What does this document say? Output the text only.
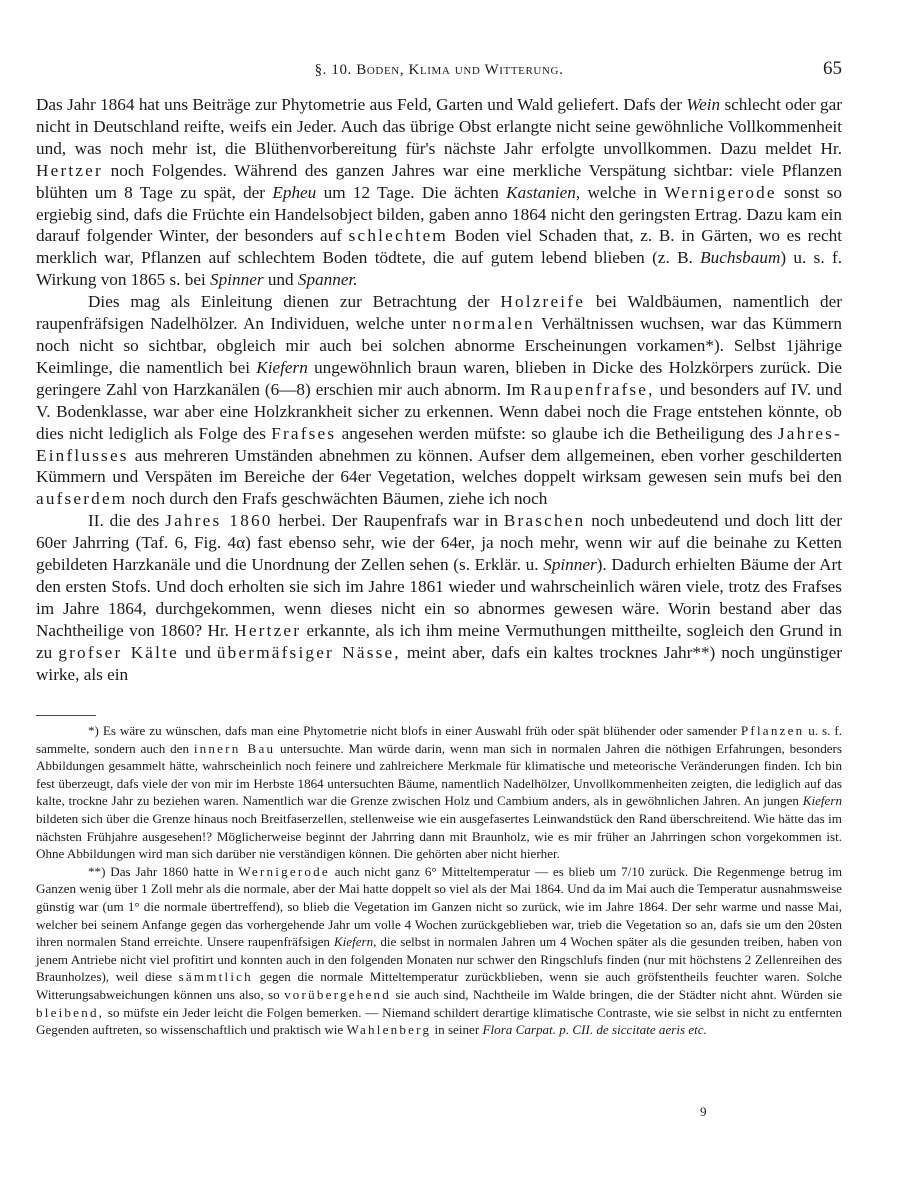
§. 10. Boden, Klima und Witterung.	65

Das Jahr 1864 hat uns Beiträge zur Phytometrie aus Feld, Garten und Wald geliefert. Dafs der Wein schlecht oder gar nicht in Deutschland reifte, weifs ein Jeder. Auch das übrige Obst erlangte nicht seine gewöhnliche Vollkommenheit und, was noch mehr ist, die Blüthenvorbereitung für's nächste Jahr erfolgte unvollkommen. Dazu meldet Hr. Hertzer noch Folgendes. Während des ganzen Jahres war eine merkliche Verspätung sichtbar: viele Pflanzen blühten um 8 Tage zu spät, der Epheu um 12 Tage. Die ächten Kastanien, welche in Wernigerode sonst so ergiebig sind, dafs die Früchte ein Handelsobject bilden, gaben anno 1864 nicht den geringsten Ertrag. Dazu kam ein darauf folgender Winter, der besonders auf schlechtem Boden viel Schaden that, z. B. in Gärten, wo es recht merklich war, Pflanzen auf schlechtem Boden tödtete, die auf gutem lebend blieben (z. B. Buchsbaum) u. s. f. Wirkung von 1865 s. bei Spinner und Spanner.

Dies mag als Einleitung dienen zur Betrachtung der Holzreife bei Waldbäumen, namentlich der raupenfräfsigen Nadelhölzer. An Individuen, welche unter normalen Verhältnissen wuchsen, war das Kümmern noch nicht so sichtbar, obgleich mir auch bei solchen abnorme Erscheinungen vorkamen*). Selbst 1jährige Keimlinge, die namentlich bei Kiefern ungewöhnlich braun waren, blieben in Dicke des Holzkörpers zurück. Die geringere Zahl von Harzkanälen (6—8) erschien mir auch abnorm. Im Raupenfrafse, und besonders auf IV. und V. Bodenklasse, war aber eine Holzkrankheit sicher zu erkennen. Wenn dabei noch die Frage entstehen könnte, ob dies nicht lediglich als Folge des Frafses angesehen werden müfste: so glaube ich die Betheiligung des Jahres-Einflusses aus mehreren Umständen abnehmen zu können. Aufser dem allgemeinen, eben vorher geschilderten Kümmern und Verspäten im Bereiche der 64er Vegetation, welches doppelt wirksam gewesen sein mufs bei den aufserdem noch durch den Frafs geschwächten Bäumen, ziehe ich noch

II. die des Jahres 1860 herbei. Der Raupenfrafs war in Braschen noch unbedeutend und doch litt der 60er Jahrring (Taf. 6, Fig. 4α) fast ebenso sehr, wie der 64er, ja noch mehr, wenn wir auf die beinahe zu Ketten gebildeten Harzkanäle und die Unordnung der Zellen sehen (s. Erklär. u. Spinner). Dadurch erhielten Bäume der Art den ersten Stofs. Und doch erholten sie sich im Jahre 1861 wieder und wahrscheinlich wären viele, trotz des Frafses im Jahre 1864, durchgekommen, wenn dieses nicht ein so abnormes gewesen wäre. Worin bestand aber das Nachtheilige von 1860? Hr. Hertzer erkannte, als ich ihm meine Vermuthungen mittheilte, sogleich den Grund in zu grofser Kälte und übermäfsiger Nässe, meint aber, dafs ein kaltes trocknes Jahr**) noch ungünstiger wirke, als ein

*) Es wäre zu wünschen, dafs man eine Phytometrie nicht blofs in einer Auswahl früh oder spät blühender oder samender Pflanzen u. s. f. sammelte, sondern auch den innern Bau untersuchte. Man würde darin, wenn man sich in normalen Jahren die nöthigen Erfahrungen, besonders Abbildungen gesammelt hätte, wahrscheinlich noch feinere und zahlreichere Merkmale für klimatische und meteorische Veränderungen finden. Ich bin fest überzeugt, dafs viele der von mir im Herbste 1864 untersuchten Bäume, namentlich Nadelhölzer, Unvollkommenheiten zeigten, die lediglich auf das kalte, trockne Jahr zu beziehen waren. Namentlich war die Grenze zwischen Holz und Cambium anders, als in gewöhnlichen Jahren. An jungen Kiefern bildeten sich über die Grenze hinaus noch Breitfaserzellen, stellenweise wie ein ausgefasertes Leinwandstück den Rand überschreitend. Wie hätte das im nächsten Frühjahre ausgesehen!? Möglicherweise beginnt der Jahrring dann mit Braunholz, wie es mir früher an Jahrringen schon vorgekommen ist. Ohne Abbildungen wird man sich darüber nie verständigen können. Die gehörten aber nicht hierher.

**) Das Jahr 1860 hatte in Wernigerode auch nicht ganz 6° Mitteltemperatur — es blieb um 7/10 zurück. Die Regenmenge betrug im Ganzen wenig über 1 Zoll mehr als die normale, aber der Mai hatte doppelt so viel als der Mai 1864. Und da im Mai auch die Temperatur ausnahmsweise günstig war (um 1° die normale übertreffend), so blieb die Vegetation im Ganzen nicht so zurück, wie im Jahre 1864. Der sehr warme und nasse Mai, welcher bei seinem Anfange gegen das vorhergehende Jahr um volle 4 Wochen zurückgeblieben war, trieb die Vegetation so an, dafs sie um den 20sten ihren normalen Stand erreichte. Unsere raupenfräfsigen Kiefern, die selbst in normalen Jahren um 4 Wochen später als die gesunden treiben, haben von jenem Antriebe nicht viel profitirt und konnten auch in den folgenden Monaten nur schwer den Ringschlufs finden (nur mit höchstens 2 Zellenreihen des Braunholzes), weil diese sämmtlich gegen die normale Mitteltemperatur zurückblieben, wenn sie auch gröfstentheils feuchter waren. Solche Witterungsabweichungen können uns also, so vorübergehend sie auch sind, Nachtheile im Walde bringen, die der Städter nicht ahnt. Würden sie bleibend, so müfste ein Jeder leicht die Folgen bemerken. — Niemand schildert derartige klimatische Contraste, wie sie selbst in nicht zu entfernten Gegenden auftreten, so wissenschaftlich und praktisch wie Wahlenberg in seiner Flora Carpat. p. CII. de siccitate aeris etc.

9
